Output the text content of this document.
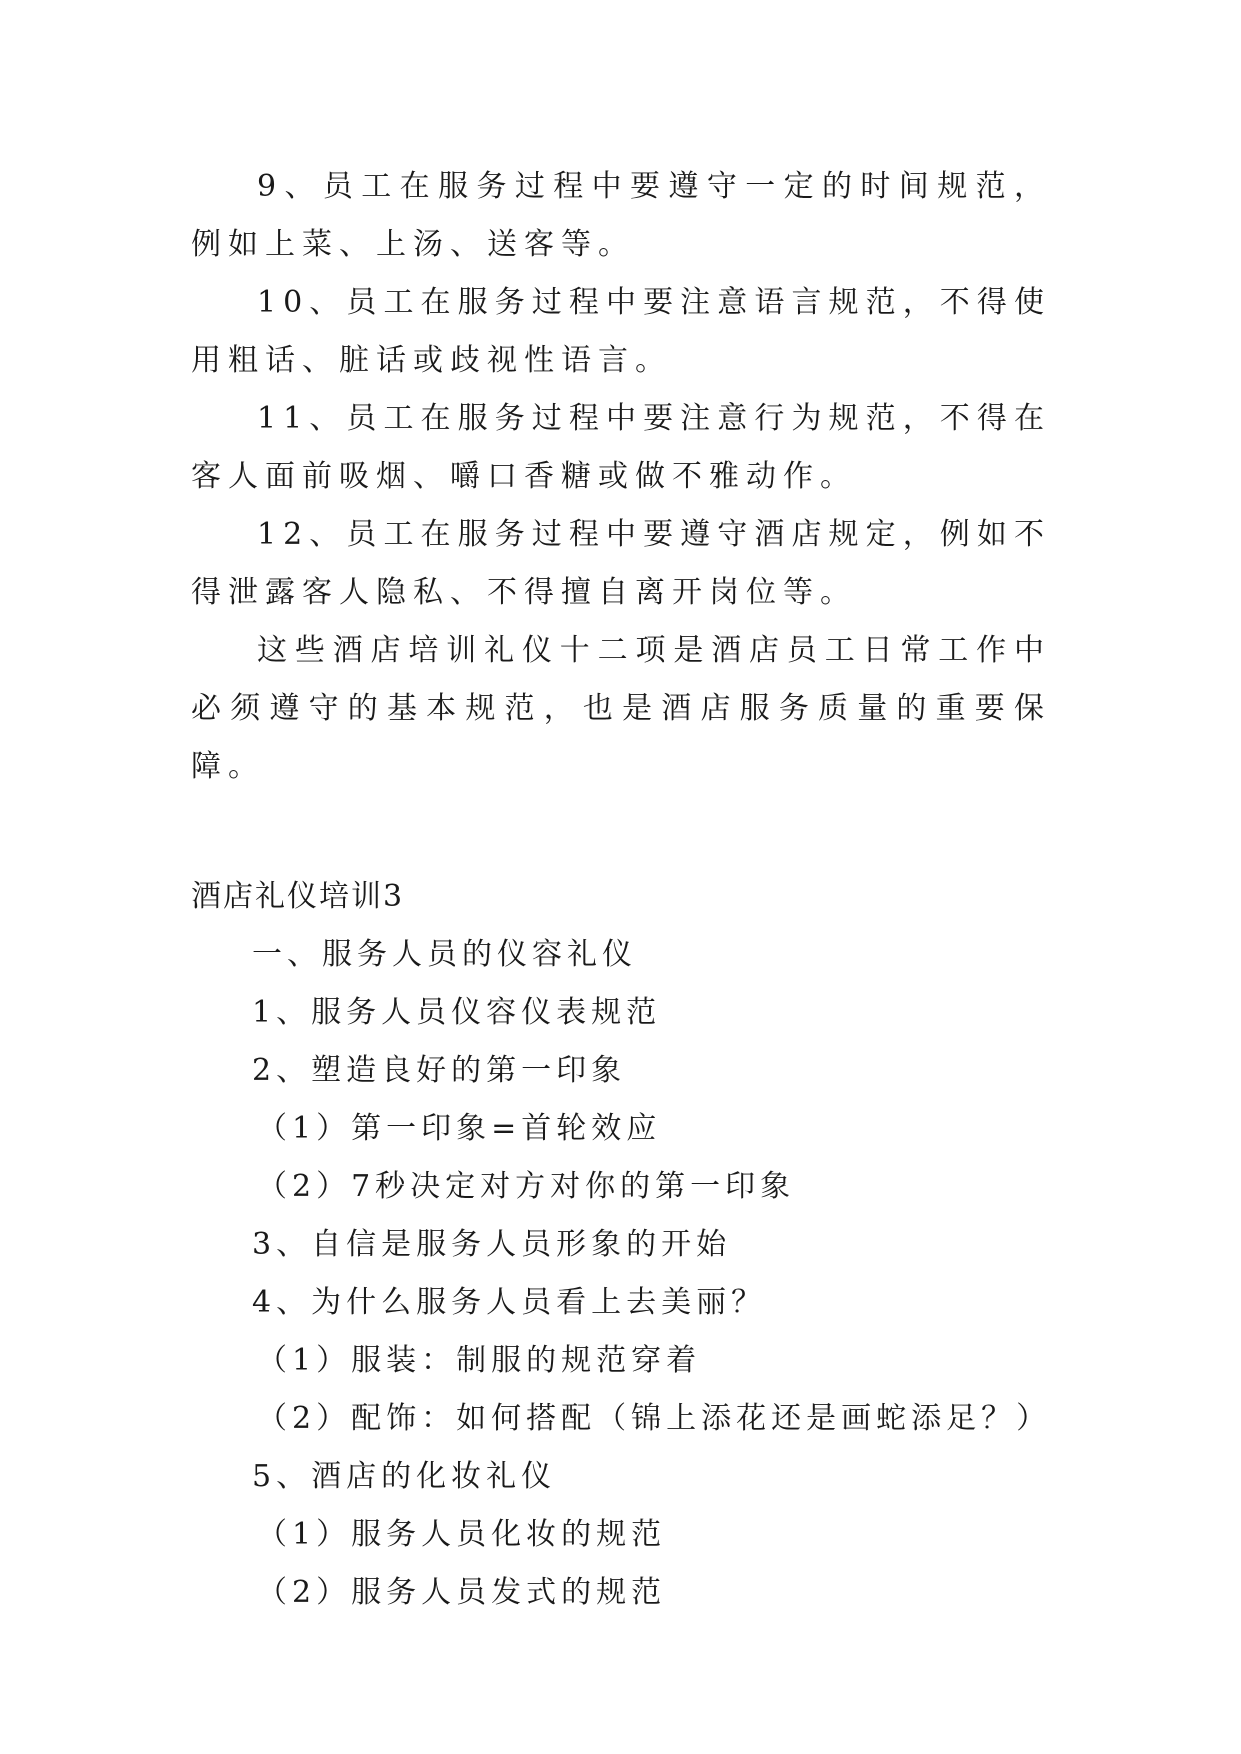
9、员工在服务过程中要遵守一定的时间规范，例如上菜、上汤、送客等。

10、员工在服务过程中要注意语言规范，不得使用粗话、脏话或歧视性语言。

11、员工在服务过程中要注意行为规范，不得在客人面前吸烟、嚼口香糖或做不雅动作。

12、员工在服务过程中要遵守酒店规定，例如不得泄露客人隐私、不得擅自离开岗位等。

这些酒店培训礼仪十二项是酒店员工日常工作中必须遵守的基本规范，也是酒店服务质量的重要保障。

酒店礼仪培训3

一、服务人员的仪容礼仪

1、服务人员仪容仪表规范

2、塑造良好的第一印象

（1）第一印象=首轮效应

（2）7秒决定对方对你的第一印象

3、自信是服务人员形象的开始

4、为什么服务人员看上去美丽？

（1）服装：制服的规范穿着

（2）配饰：如何搭配（锦上添花还是画蛇添足？）

5、酒店的化妆礼仪

（1）服务人员化妆的规范

（2）服务人员发式的规范
